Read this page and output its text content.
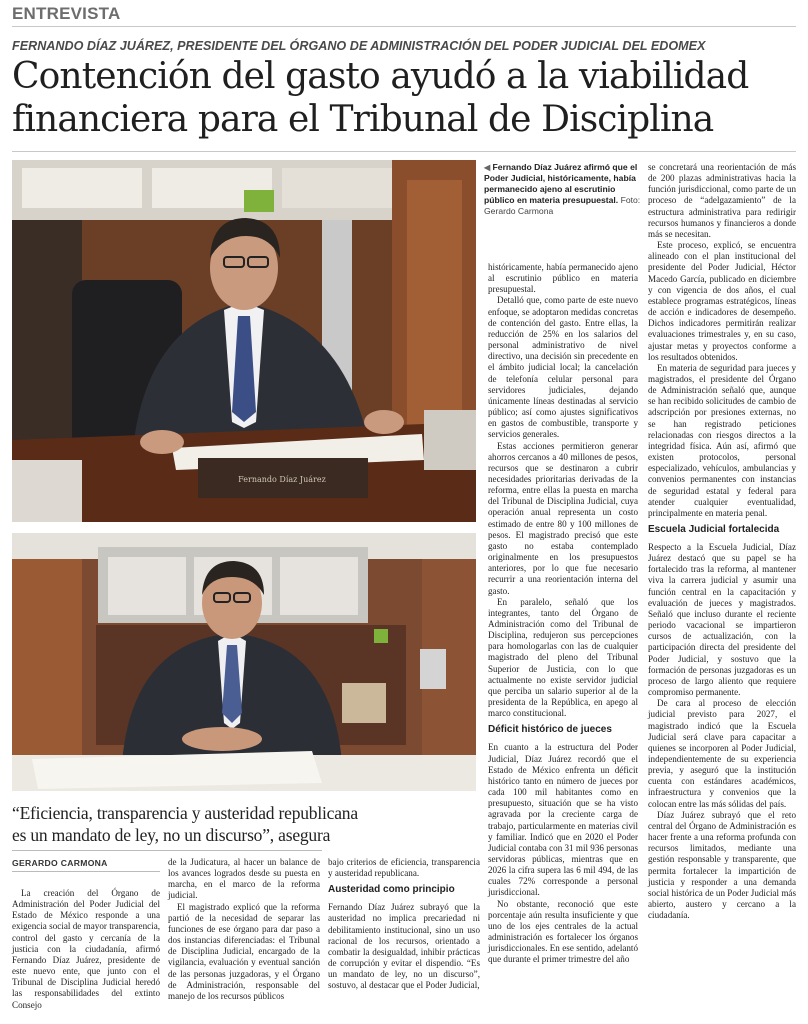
ENTREVISTA
FERNANDO DÍAZ JUÁREZ, PRESIDENTE DEL ÓRGANO DE ADMINISTRACIÓN DEL PODER JUDICIAL DEL EDOMEX
Contención del gasto ayudó a la viabilidad
financiera para el Tribunal de Disciplina
Fernando Díaz Juárez
“Eficiencia, transparencia y austeridad republicana
es un mandato de ley, no un discurso”, asegura
GERARDO CARMONA
◀ Fernando Díaz Juárez afirmó que el Poder Judicial, históricamente, había permanecido ajeno al escrutinio público en materia presupuestal. Foto: Gerardo Carmona

La creación del Órgano de Administración del Poder Judicial del Estado de México responde a una exigencia social de mayor transparencia, control del gasto y cercanía de la justicia con la ciudadanía, afirmó Fernando Díaz Juárez, presidente de este nuevo ente, que junto con el Tribunal de Disciplina Judicial heredó las responsabilidades del extinto Consejo

de la Judicatura, al hacer un balance de los avances logrados desde su puesta en marcha, en el marco de la reforma judicial.

El magistrado explicó que la reforma partió de la necesidad de separar las funciones de ese órgano para dar paso a dos instancias diferenciadas: el Tribunal de Disciplina Judicial, encargado de la vigilancia, evaluación y eventual sanción de las personas juzgadoras, y el Órgano de Administración, responsable del manejo de los recursos públicos

bajo criterios de eficiencia, transparencia y austeridad republicana.

Austeridad como principio

Fernando Díaz Juárez subrayó que la austeridad no implica precariedad ni debilitamiento institucional, sino un uso racional de los recursos, orientado a combatir la desigualdad, inhibir prácticas de corrupción y evitar el dispendio. “Es un mandato de ley, no un discurso”, sostuvo, al destacar que el Poder Judicial,

históricamente, había permanecido ajeno al escrutinio público en materia presupuestal.

Detalló que, como parte de este nuevo enfoque, se adoptaron medidas concretas de contención del gasto. Entre ellas, la reducción de 25% en los salarios del personal administrativo de nivel directivo, una decisión sin precedente en el ámbito judicial local; la cancelación de telefonía celular personal para servidores judiciales, dejando únicamente líneas destinadas al servicio público; así como ajustes significativos en gastos de combustible, transporte y servicios generales.

Estas acciones permitieron generar ahorros cercanos a 40 millones de pesos, recursos que se destinaron a cubrir necesidades prioritarias derivadas de la reforma, entre ellas la puesta en marcha del Tribunal de Disciplina Judicial, cuya operación anual representa un costo estimado de entre 80 y 100 millones de pesos. El magistrado precisó que este gasto no estaba contemplado originalmente en los presupuestos anteriores, por lo que fue necesario recurrir a una reorientación interna del gasto.

En paralelo, señaló que los integrantes, tanto del Órgano de Administración como del Tribunal de Disciplina, redujeron sus percepciones para homologarlas con las de cualquier magistrado del pleno del Tribunal Superior de Justicia, con lo que actualmente no existe servidor judicial que perciba un salario superior al de la presidenta de la República, en apego al marco constitucional.

Déficit histórico de jueces

En cuanto a la estructura del Poder Judicial, Díaz Juárez recordó que el Estado de México enfrenta un déficit histórico tanto en número de jueces por cada 100 mil habitantes como en presupuesto, situación que se ha visto agravada por la creciente carga de trabajo, particularmente en materias civil y familiar. Indicó que en 2020 el Poder Judicial contaba con 31 mil 936 personas servidoras públicas, mientras que en 2026 la cifra supera las 6 mil 494, de las cuales 72% corresponde a personal jurisdiccional.

No obstante, reconoció que este porcentaje aún resulta insuficiente y que uno de los ejes centrales de la actual administración es fortalecer los órganos jurisdiccionales. En ese sentido, adelantó que durante el primer trimestre del año

se concretará una reorientación de más de 200 plazas administrativas hacia la función jurisdiccional, como parte de un proceso de “adelgazamiento” de la estructura administrativa para redirigir recursos humanos y financieros a donde más se necesitan.

Este proceso, explicó, se encuentra alineado con el plan institucional del presidente del Poder Judicial, Héctor Macedo García, publicado en diciembre y con vigencia de dos años, el cual establece programas estratégicos, líneas de acción e indicadores de desempeño. Dichos indicadores permitirán realizar evaluaciones trimestrales y, en su caso, ajustar metas y proyectos conforme a los resultados obtenidos.

En materia de seguridad para jueces y magistrados, el presidente del Órgano de Administración señaló que, aunque se han recibido solicitudes de cambio de adscripción por presiones externas, no se han registrado peticiones relacionadas con riesgos directos a la integridad física. Aún así, afirmó que existen protocolos, personal especializado, vehículos, ambulancias y convenios permanentes con instancias de seguridad estatal y federal para atender cualquier eventualidad, principalmente en materia penal.

Escuela Judicial fortalecida

Respecto a la Escuela Judicial, Díaz Juárez destacó que su papel se ha fortalecido tras la reforma, al mantener viva la carrera judicial y asumir una función central en la capacitación y evaluación de jueces y magistrados. Señaló que incluso durante el reciente periodo vacacional se impartieron cursos de actualización, con la participación directa del presidente del Poder Judicial, y sostuvo que la formación de personas juzgadoras es un proceso de largo aliento que requiere compromiso permanente.

De cara al proceso de elección judicial previsto para 2027, el magistrado indicó que la Escuela Judicial será clave para capacitar a quienes se incorporen al Poder Judicial, independientemente de su experiencia previa, y aseguró que la institución cuenta con estándares académicos, infraestructura y convenios que la colocan entre las más sólidas del país.

Díaz Juárez subrayó que el reto central del Órgano de Administración es hacer frente a una reforma profunda con recursos limitados, mediante una gestión responsable y transparente, que permita fortalecer la impartición de justicia y responder a una demanda social histórica de un Poder Judicial más abierto, austero y cercano a la ciudadanía.
